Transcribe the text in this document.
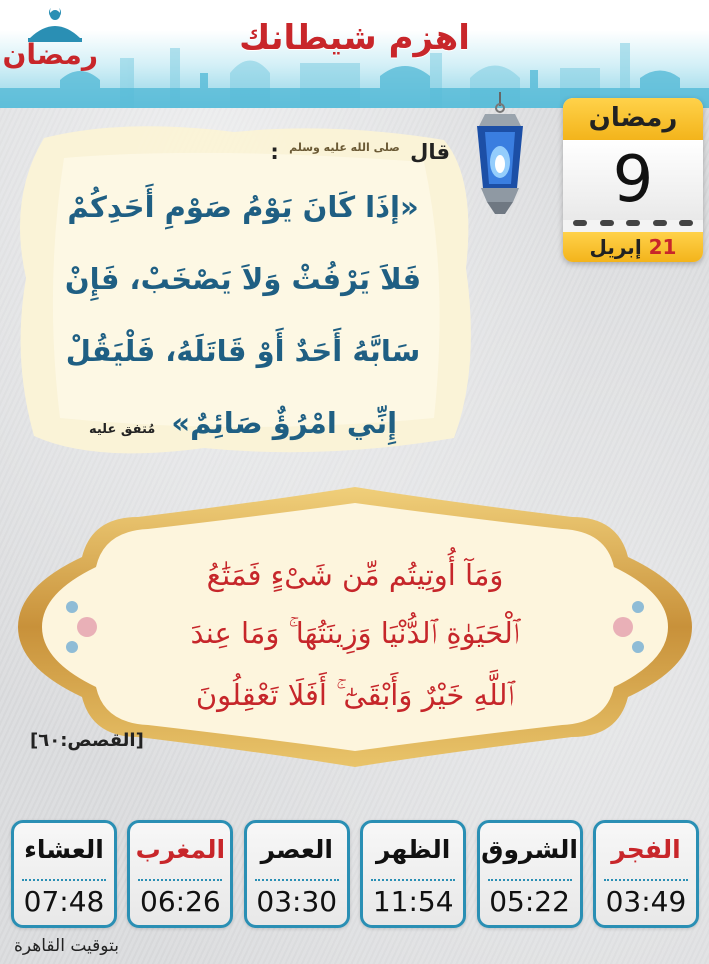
اهزم شيطانك
رمضان
رمضان
9
21 إبريل
قال $^{صلى الله عليه وسلم}$ :
«إذَا كَانَ يَوْمُ صَوْمِ أَحَدِكُمْ
فَلاَ يَرْفُثْ وَلاَ يَصْخَبْ، فَإِنْ
سَابَّهُ أَحَدٌ أَوْ قَاتَلَهُ، فَلْيَقُلْ
إِنِّي امْرُؤٌ صَائِمٌ» مُتفق عليه
وَمَآ أُوتِيتُم مِّن شَىْءٍ فَمَتَٰعُ
ٱلْحَيَوٰةِ ٱلدُّنْيَا وَزِينَتُهَا ۚ وَمَا عِندَ
ٱللَّهِ خَيْرٌ وَأَبْقَىٰٓ ۚ أَفَلَا تَعْقِلُونَ
[القصص:٦٠]
العشاء
07:48
المغرب
06:26
العصر
03:30
الظهر
11:54
الشروق
05:22
الفجر
03:49
بتوقيت القاهرة
